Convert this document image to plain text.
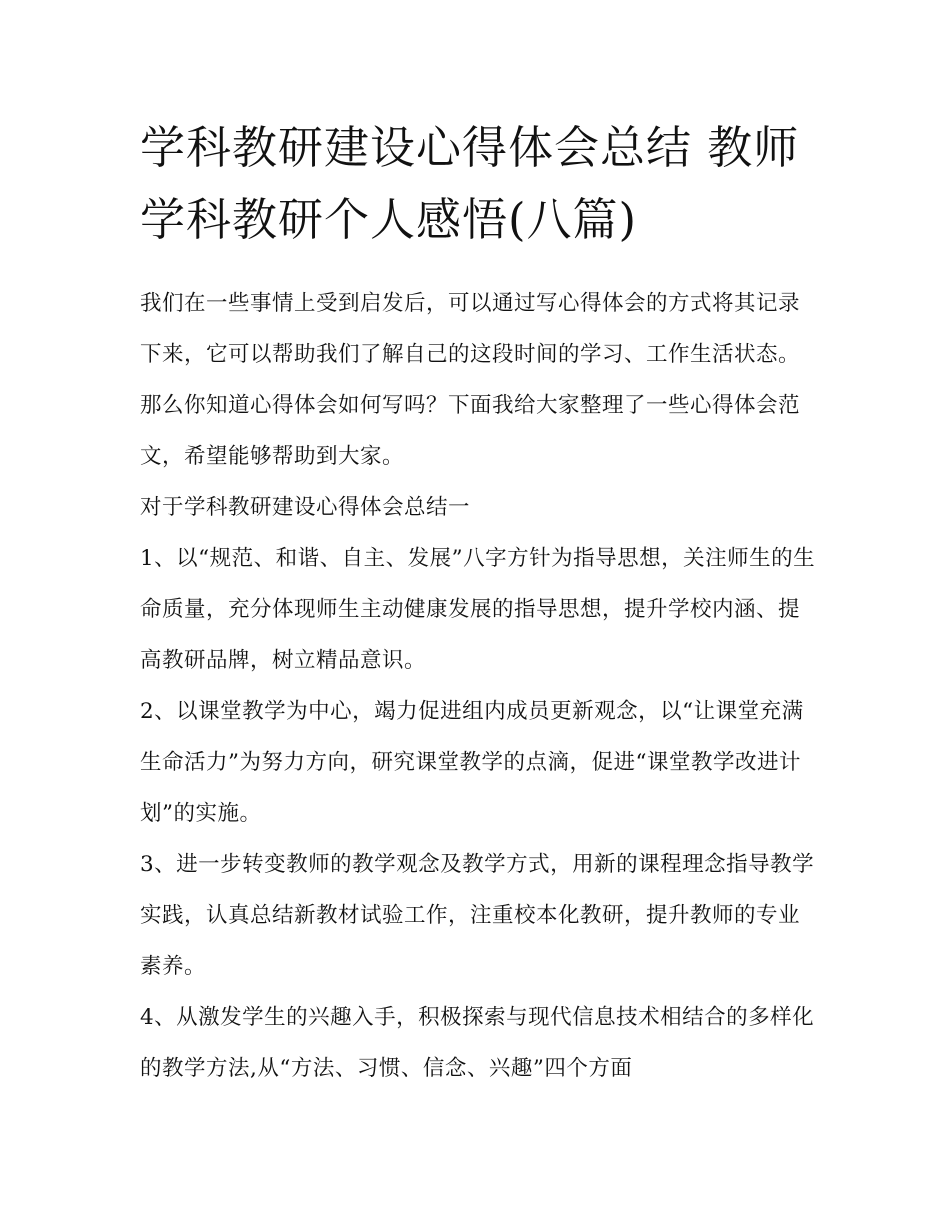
学科教研建设心得体会总结 教师学科教研个人感悟(八篇)

我们在一些事情上受到启发后，可以通过写心得体会的方式将其记录下来，它可以帮助我们了解自己的这段时间的学习、工作生活状态。那么你知道心得体会如何写吗？下面我给大家整理了一些心得体会范文，希望能够帮助到大家。

对于学科教研建设心得体会总结一

1、以“规范、和谐、自主、发展”八字方针为指导思想，关注师生的生命质量，充分体现师生主动健康发展的指导思想，提升学校内涵、提高教研品牌，树立精品意识。

2、以课堂教学为中心，竭力促进组内成员更新观念，以“让课堂充满生命活力”为努力方向，研究课堂教学的点滴，促进“课堂教学改进计划”的实施。

3、进一步转变教师的教学观念及教学方式，用新的课程理念指导教学实践，认真总结新教材试验工作，注重校本化教研，提升教师的专业素养。

4、从激发学生的兴趣入手，积极探索与现代信息技术相结合的多样化的教学方法,从“方法、习惯、信念、兴趣”四个方面
